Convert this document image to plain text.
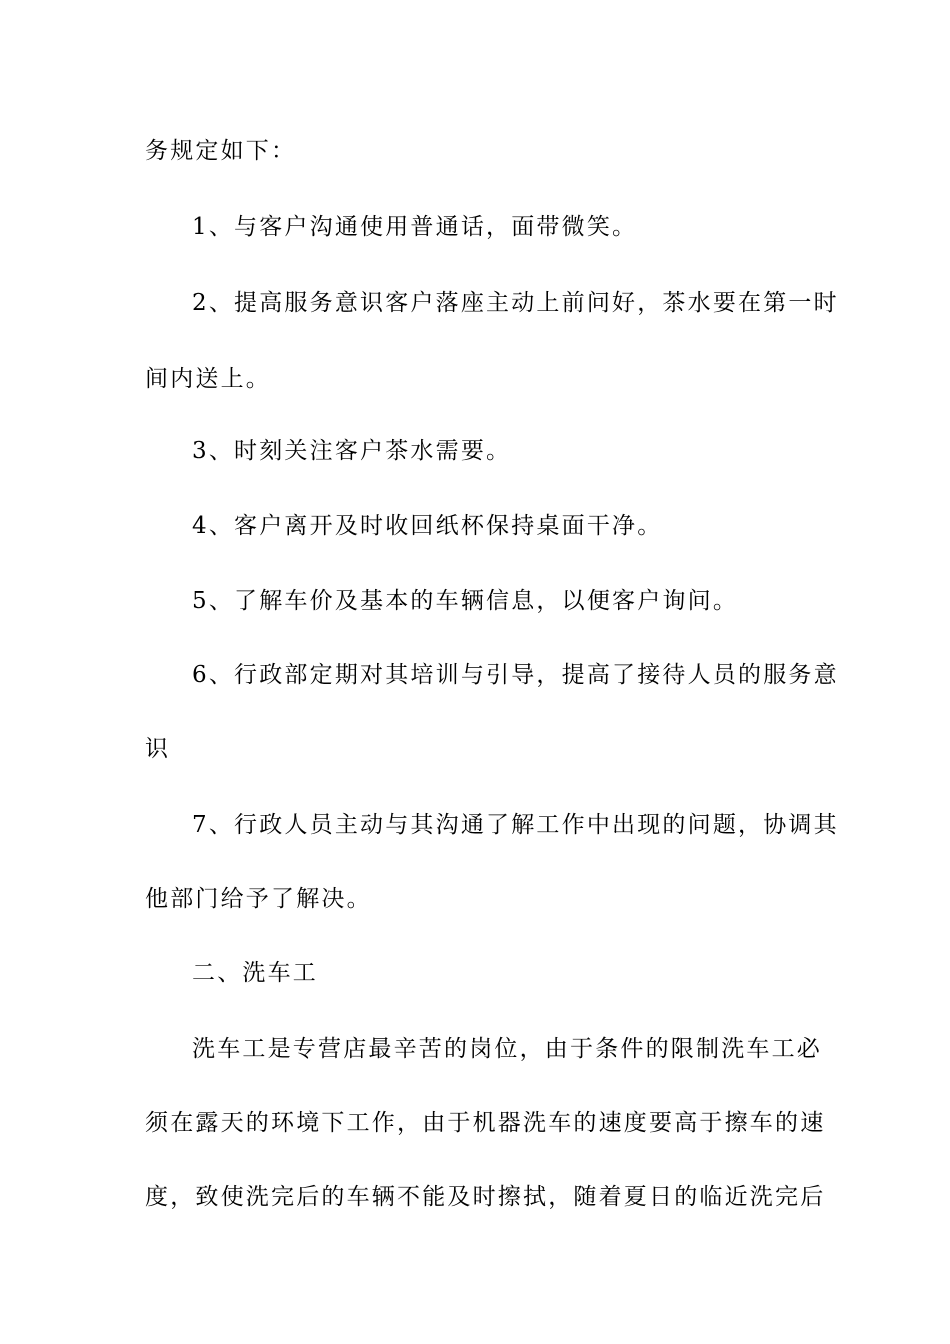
务规定如下：
1、与客户沟通使用普通话，面带微笑。
2、提高服务意识客户落座主动上前问好，茶水要在第一时
间内送上。
3、时刻关注客户茶水需要。
4、客户离开及时收回纸杯保持桌面干净。
5、了解车价及基本的车辆信息，以便客户询问。
6、行政部定期对其培训与引导，提高了接待人员的服务意
识
7、行政人员主动与其沟通了解工作中出现的问题，协调其
他部门给予了解决。
二、洗车工
洗车工是专营店最辛苦的岗位，由于条件的限制洗车工必
须在露天的环境下工作，由于机器洗车的速度要高于擦车的速
度，致使洗完后的车辆不能及时擦拭，随着夏日的临近洗完后
